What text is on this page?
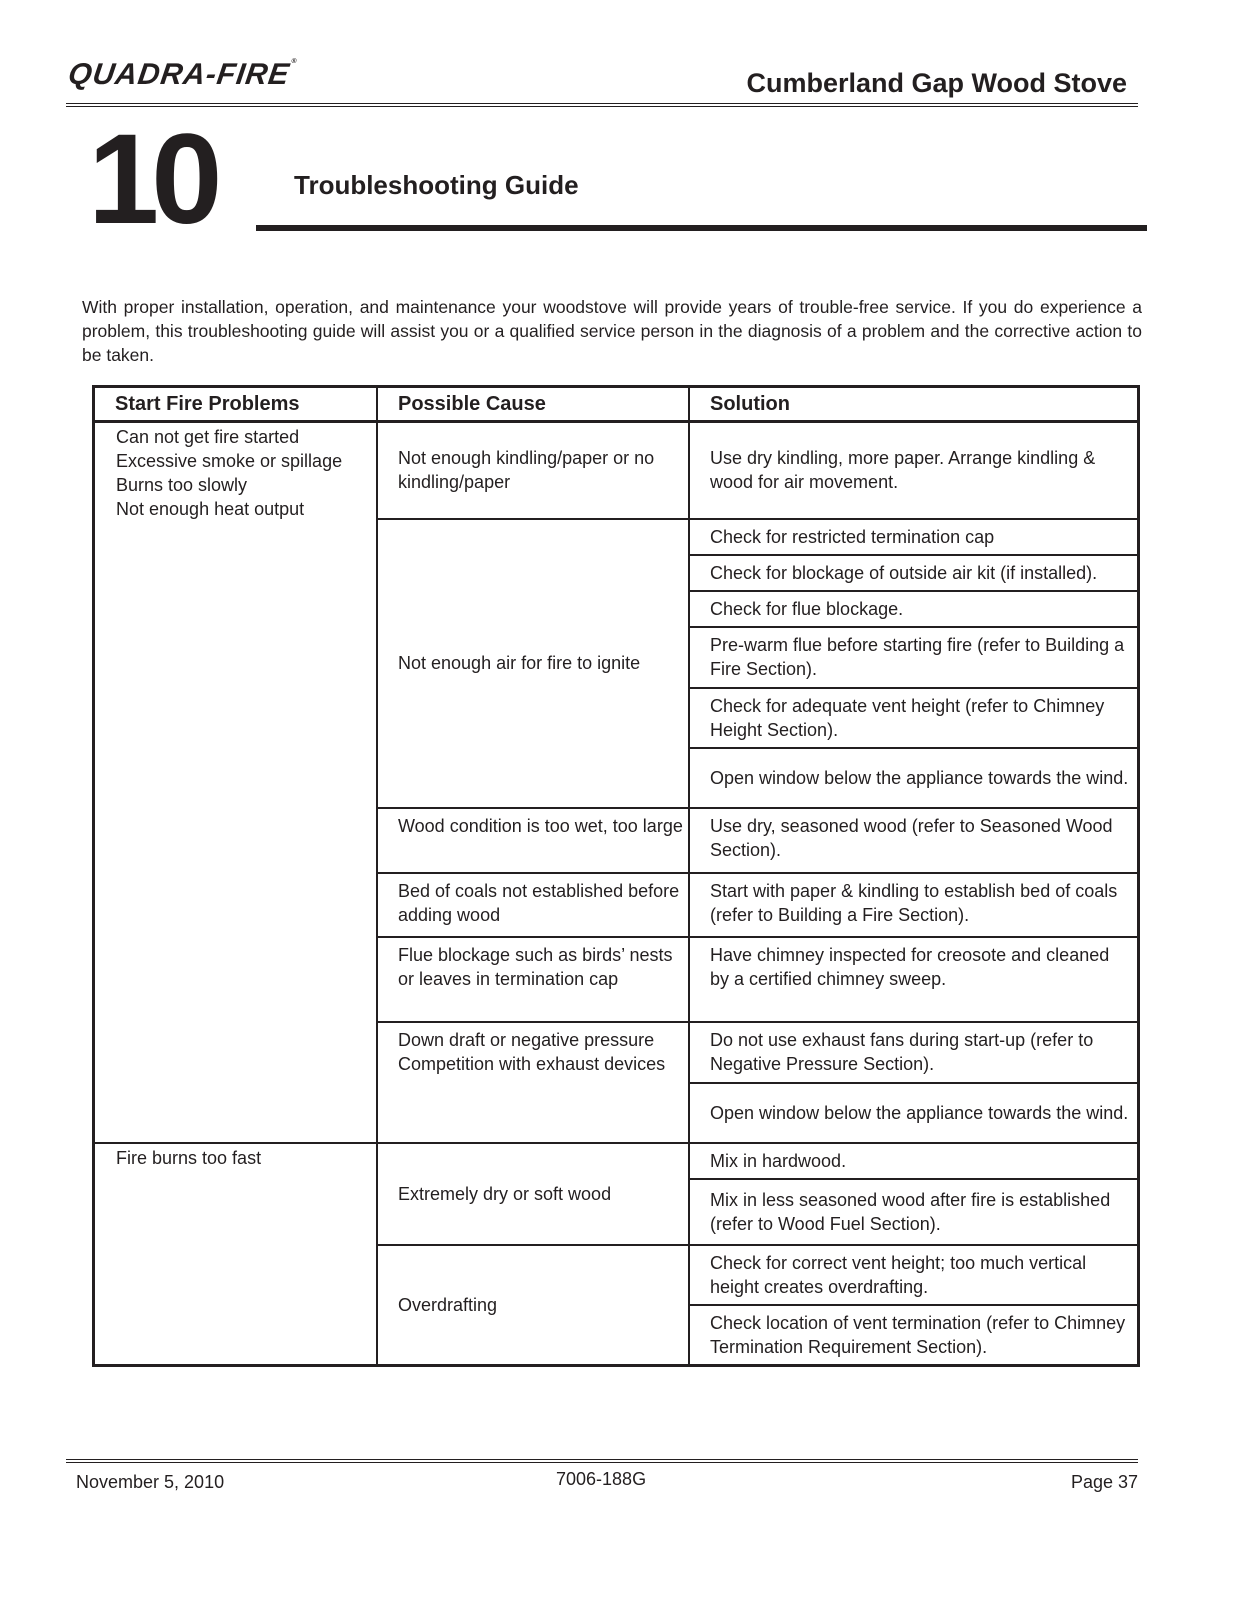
QUADRA-FIRE®
Cumberland Gap Wood Stove
10	Troubleshooting Guide

With proper installation, operation, and maintenance your woodstove will provide years of trouble-free service. If you do experience a problem, this troubleshooting guide will assist you or a qualified service person in the diagnosis of a problem and the corrective action to be taken.

Start Fire Problems	Possible Cause	Solution

Can not get fire started
Excessive smoke or spillage
Burns too slowly
Not enough heat output	Not enough kindling/paper or no kindling/paper	Use dry kindling, more paper. Arrange kindling & wood for air movement.
	Not enough air for fire to ignite	Check for restricted termination cap
		Check for blockage of outside air kit (if installed).
		Check for flue blockage.
		Pre-warm flue before starting fire (refer to Building a Fire Section).
		Check for adequate vent height (refer to Chimney Height Section).
		Open window below the appliance towards the wind.
	Wood condition is too wet, too large	Use dry, seasoned wood (refer to Seasoned Wood Section).
	Bed of coals not established before adding wood	Start with paper & kindling to establish bed of coals (refer to Building a Fire Section).
	Flue blockage such as birds’ nests or leaves in termination cap	Have chimney inspected for creosote and cleaned by a certified chimney sweep.
	Down draft or negative pressure Competition with exhaust devices	Do not use exhaust fans during start-up (refer to Negative Pressure Section).
		Open window below the appliance towards the wind.

Fire burns too fast	Extremely dry or soft wood	Mix in hardwood.
		Mix in less seasoned wood after fire is established (refer to Wood Fuel Section).
	Overdrafting	Check for correct vent height; too much vertical height creates overdrafting.
		Check location of vent termination (refer to Chimney Termination Requirement Section).
November 5, 2010	7006-188G	Page 37
